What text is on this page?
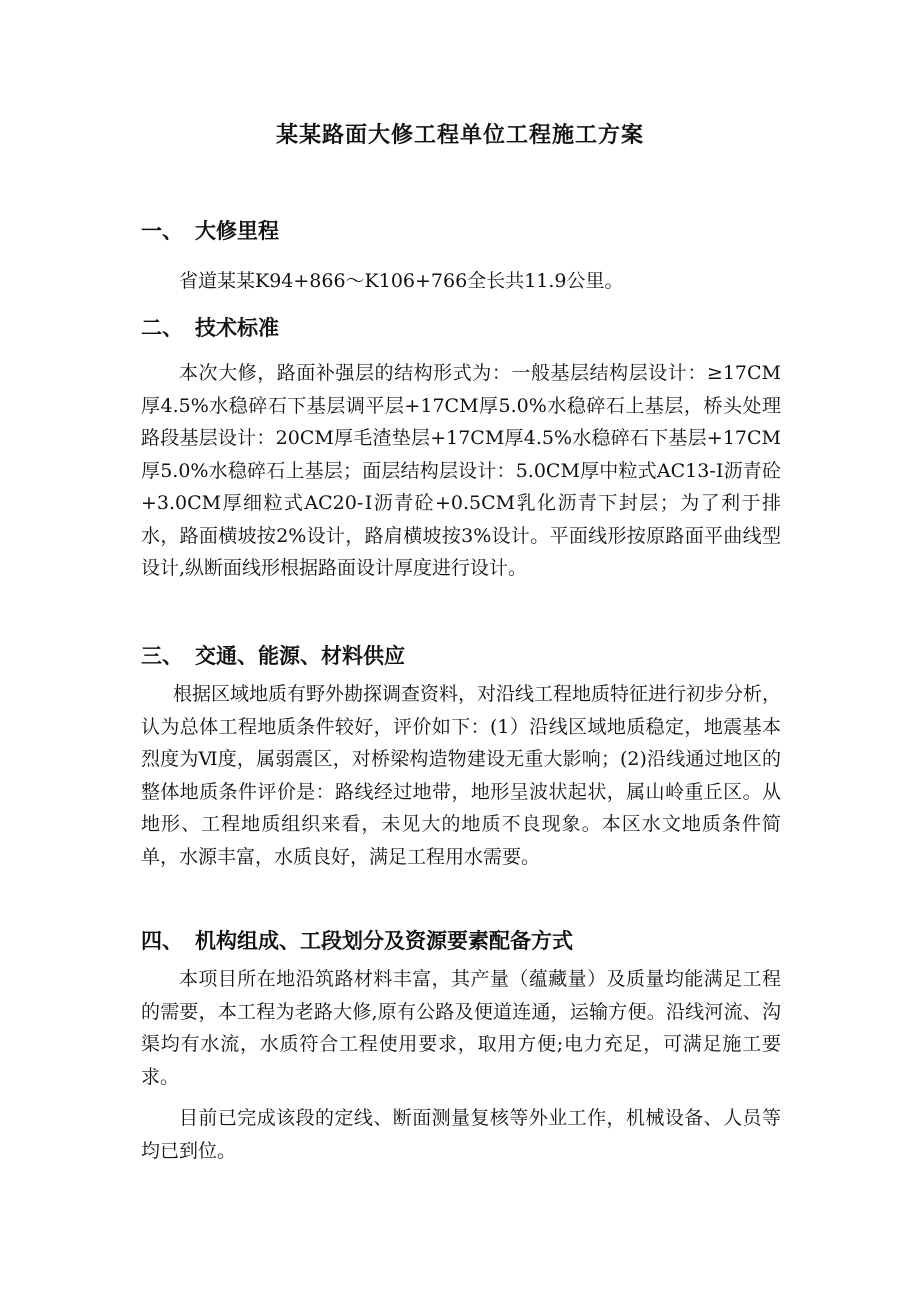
某某路面大修工程单位工程施工方案
一、 大修里程
省道某某K94+866～K106+766全长共11.9公里。
二、 技术标准
本次大修，路面补强层的结构形式为：一般基层结构层设计：≥17CM厚4.5%水稳碎石下基层调平层+17CM厚5.0%水稳碎石上基层，桥头处理路段基层设计：20CM厚毛渣垫层+17CM厚4.5%水稳碎石下基层+17CM厚5.0%水稳碎石上基层；面层结构层设计：5.0CM厚中粒式AC13-Ⅰ沥青砼+3.0CM厚细粒式AC20-Ⅰ沥青砼+0.5CM乳化沥青下封层；为了利于排水，路面横坡按2%设计，路肩横坡按3%设计。平面线形按原路面平曲线型设计,纵断面线形根据路面设计厚度进行设计。
三、 交通、能源、材料供应
根据区域地质有野外勘探调查资料，对沿线工程地质特征进行初步分析，认为总体工程地质条件较好，评价如下：(1）沿线区域地质稳定，地震基本烈度为Ⅵ度，属弱震区，对桥梁构造物建设无重大影响；(2)沿线通过地区的整体地质条件评价是：路线经过地带，地形呈波状起状，属山岭重丘区。从地形、工程地质组织来看，未见大的地质不良现象。本区水文地质条件简单，水源丰富，水质良好，满足工程用水需要。
四、 机构组成、工段划分及资源要素配备方式
本项目所在地沿筑路材料丰富，其产量（蕴藏量）及质量均能满足工程的需要，本工程为老路大修,原有公路及便道连通，运输方便。沿线河流、沟渠均有水流，水质符合工程使用要求，取用方便;电力充足，可满足施工要求。
目前已完成该段的定线、断面测量复核等外业工作，机械设备、人员等均已到位。
